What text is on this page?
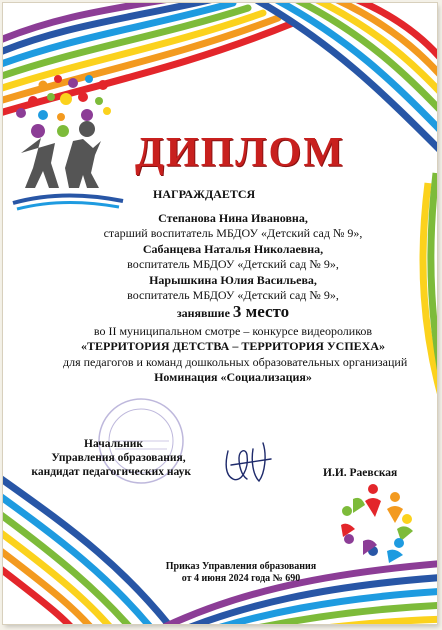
ДИПЛОМ
НАГРАЖДАЕТСЯ
Степанова Нина Ивановна,
старший воспитатель МБДОУ «Детский сад № 9»,
Сабанцева Наталья Николаевна,
воспитатель МБДОУ «Детский сад № 9»,
Нарышкина Юлия Васильева,
воспитатель МБДОУ «Детский сад № 9»,
занявшие 3 место
во II муниципальном смотре – конкурсе видеороликов
«ТЕРРИТОРИЯ ДЕТСТВА – ТЕРРИТОРИЯ УСПЕХА»
для педагогов и команд дошкольных образовательных организаций
Номинация «Социализация»
Начальник
Управления образования,
кандидат педагогических наук	И.И. Раевская
Приказ Управления образования
от 4 июня 2024 года № 690
